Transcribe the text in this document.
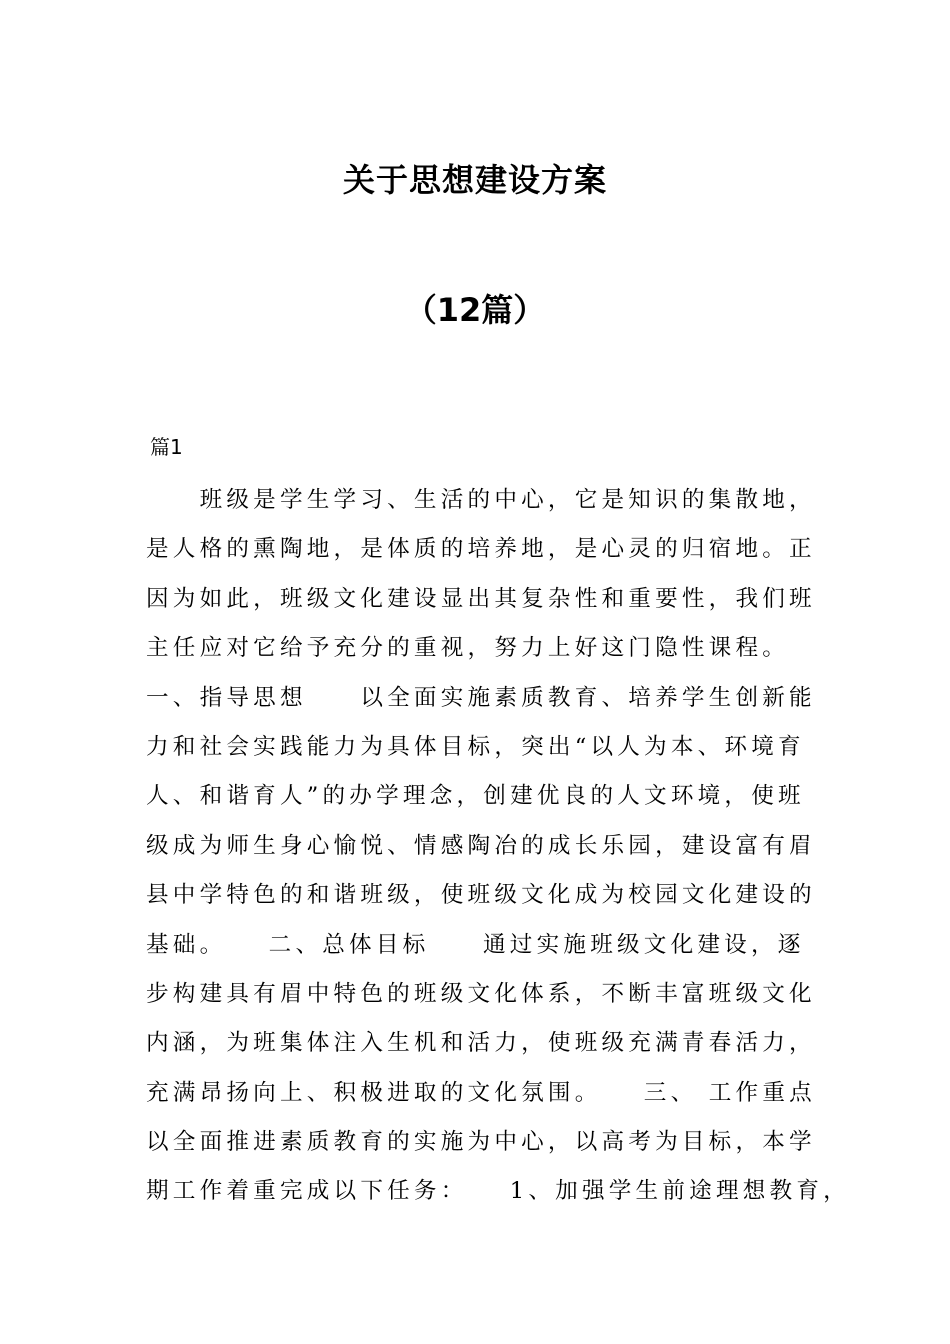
关于思想建设方案
（12篇）
篇1
　　班级是学生学习、生活的中心，它是知识的集散地，
是人格的熏陶地，是体质的培养地，是心灵的归宿地。正
因为如此，班级文化建设显出其复杂性和重要性，我们班
主任应对它给予充分的重视，努力上好这门隐性课程。
一、指导思想　　以全面实施素质教育、培养学生创新能
力和社会实践能力为具体目标，突出“以人为本、环境育
人、和谐育人”的办学理念，创建优良的人文环境，使班
级成为师生身心愉悦、情感陶冶的成长乐园，建设富有眉
县中学特色的和谐班级，使班级文化成为校园文化建设的
基础。　　二、总体目标　　通过实施班级文化建设，逐
步构建具有眉中特色的班级文化体系，不断丰富班级文化
内涵，为班集体注入生机和活力，使班级充满青春活力，
充满昂扬向上、积极进取的文化氛围。　　三、 工作重点
以全面推进素质教育的实施为中心，以高考为目标，本学
期工作着重完成以下任务：　　1、加强学生前途理想教育，
